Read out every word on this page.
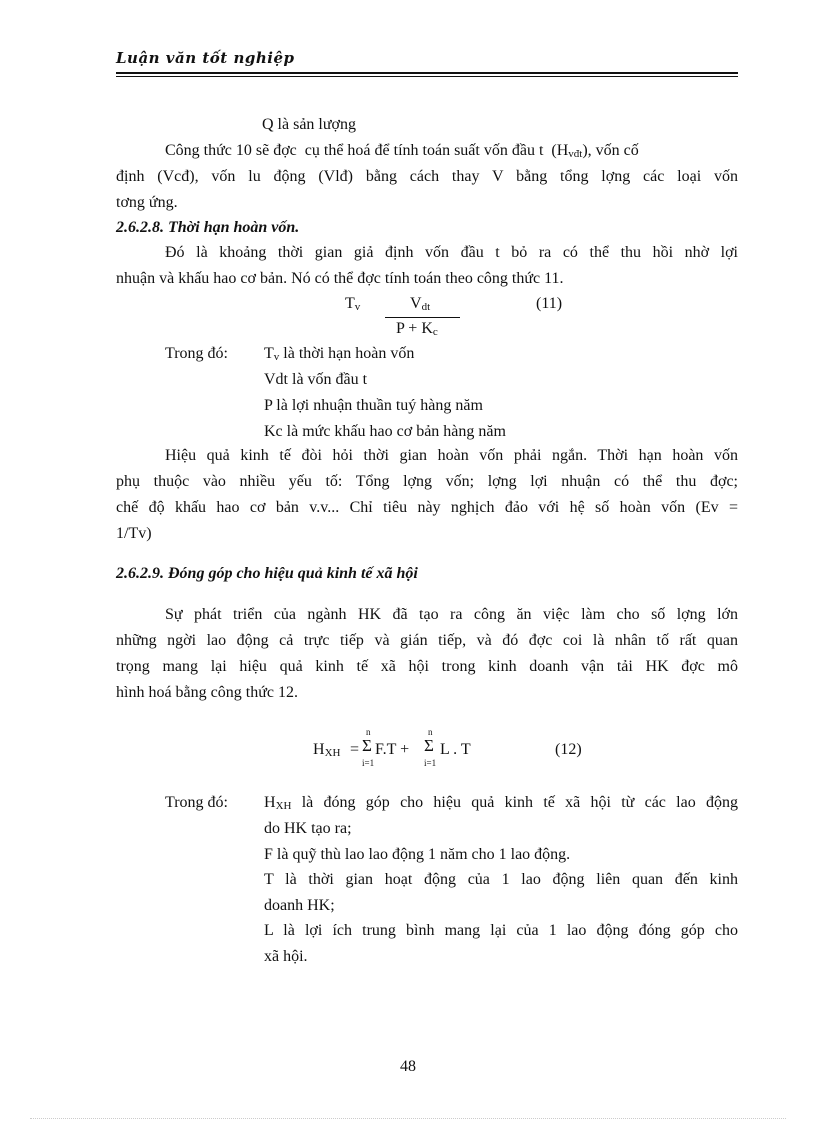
Luận văn tốt nghiệp
Q là sản lượng
Công thức 10 sẽ đợc cụ thể hoá để tính toán suất vốn đầu t (Hvđt), vốn cố
định (Vcđ), vốn lu động (Vlđ) bằng cách thay V bằng tổng lợng các loại vốn
tơng ứng.
2.6.2.8. Thời hạn hoàn vốn.
Đó là khoảng thời gian giả định vốn đầu t bỏ ra có thể thu hồi nhờ lợi
nhuận và khấu hao cơ bản. Nó có thể đợc tính toán theo công thức 11.
Tv	Vdt
P + Kc
(11)
Trong đó: Tv là thời hạn hoàn vốn
Vdt là vốn đầu t
P là lợi nhuận thuần tuý hàng năm
Kc là mức khấu hao cơ bản hàng năm
Hiệu quả kinh tế đòi hỏi thời gian hoàn vốn phải ngắn. Thời hạn hoàn vốn
phụ thuộc vào nhiều yếu tố: Tổng lợng vốn; lợng lợi nhuận có thể thu đợc;
chế độ khấu hao cơ bản v.v... Chỉ tiêu này nghịch đảo với hệ số hoàn vốn (Ev =
1/Tv)
2.6.2.9. Đóng góp cho hiệu quả kinh tế xã hội
Sự phát triển của ngành HK đã tạo ra công ăn việc làm cho số lợng lớn
những ngời lao động cả trực tiếp và gián tiếp, và đó đợc coi là nhân tố rất quan
trọng mang lại hiệu quả kinh tế xã hội trong kinh doanh vận tải HK đợc mô
hình hoá bằng công thức 12.
HXH =
n
Σ
i=1
F.T +
n
Σ
i=1
L . T	(12)
Trong đó: HXH là đóng góp cho hiệu quả kinh tế xã hội từ các lao động
do HK tạo ra;
F là quỹ thù lao lao động 1 năm cho 1 lao động.
T là thời gian hoạt động của 1 lao động liên quan đến kinh
doanh HK;
L là lợi ích trung bình mang lại của 1 lao động đóng góp cho
xã hội.
48
